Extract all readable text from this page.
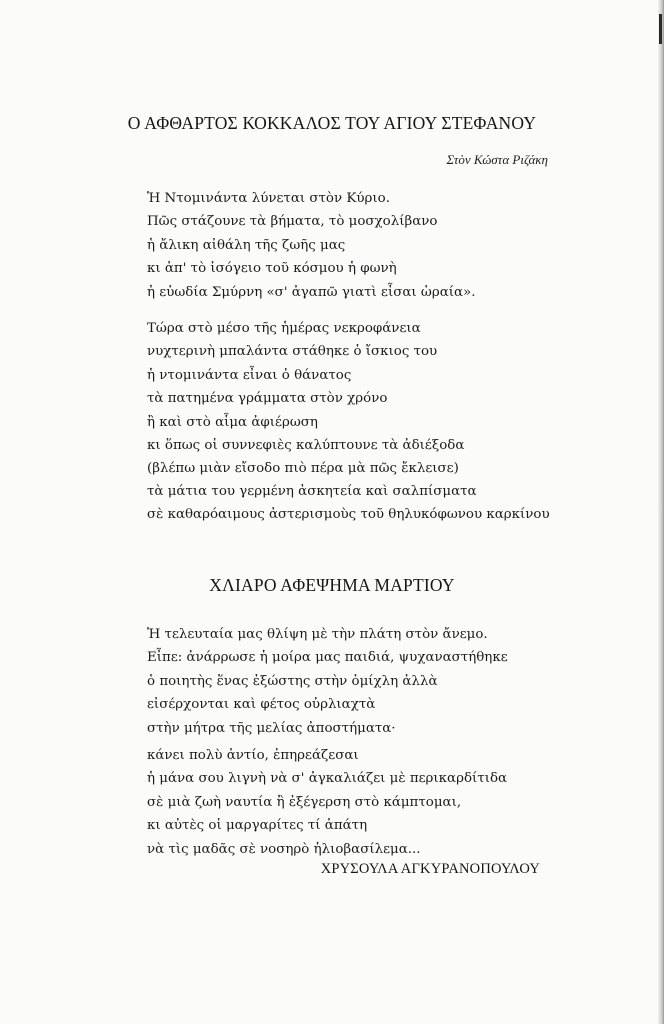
Ο ΑΦΘΑΡΤΟΣ ΚΟΚΚΑΛΟΣ ΤΟΥ ΑΓΙΟΥ ΣΤΕΦΑΝΟΥ
Στὸν Κώστα Ριζάκη
Ἡ Ντομινάντα λύνεται στὸν Κύριο.
Πῶς στάζουνε τὰ βήματα, τὸ μοσχολίβανο
ἡ ἄλικη αἰθάλη τῆς ζωῆς μας
κι ἀπ' τὸ ἰσόγειο τοῦ κόσμου ἡ φωνὴ
ἡ εὐωδία Σμύρνη «σ' ἀγαπῶ γιατὶ εἶσαι ὡραία».
Τώρα στὸ μέσο τῆς ἡμέρας νεκροφάνεια
νυχτερινὴ μπαλάντα στάθηκε ὁ ἴσκιος του
ἡ ντομινάντα εἶναι ὁ θάνατος
τὰ πατημένα γράμματα στὸν χρόνο
ἢ καὶ στὸ αἷμα ἀφιέρωση
κι ὅπως οἱ συννεφιὲς καλύπτουνε τὰ ἀδιέξοδα
(βλέπω μιὰν εἴσοδο πιὸ πέρα μὰ πῶς ἔκλεισε)
τὰ μάτια του γερμένη ἀσκητεία καὶ σαλπίσματα
σὲ καθαρόαιμους ἀστερισμοὺς τοῦ θηλυκόφωνου καρκίνου
ΧΛΙΑΡΟ ΑΦΕΨΗΜΑ ΜΑΡΤΙΟΥ
Ἡ τελευταία μας θλίψη μὲ τὴν πλάτη στὸν ἄνεμο.
Εἶπε: ἀνάρρωσε ἡ μοίρα μας παιδιά, ψυχαναστήθηκε
ὁ ποιητὴς ἕνας ἐξώστης στὴν ὁμίχλη ἀλλὰ
εἰσέρχονται καὶ φέτος οὐρλιαχτὰ
στὴν μήτρα τῆς μελίας ἀποστήματα·
κάνει πολὺ ἀντίο, ἐπηρεάζεσαι
ἡ μάνα σου λιγνὴ νὰ σ' ἀγκαλιάζει μὲ περικαρδίτιδα
σὲ μιὰ ζωὴ ναυτία ἢ ἐξέγερση στὸ κάμπτομαι,
κι αὐτὲς οἱ μαργαρίτες τί ἀπάτη
νὰ τὶς μαδᾶς σὲ νοσηρὸ ἡλιοβασίλεμα...
ΧΡΥΣΟΥΛΑ ΑΓΚΥΡΑΝΟΠΟΥΛΟΥ
